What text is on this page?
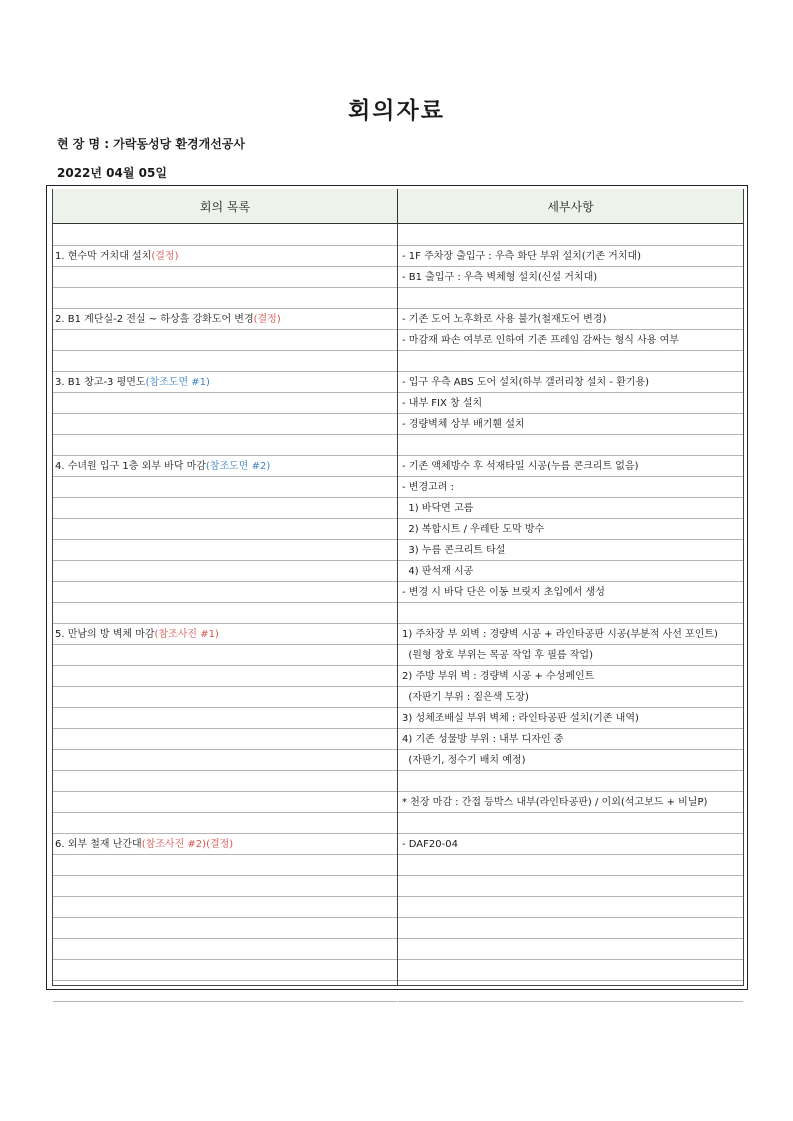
회의자료
현 장 명 : 가락동성당 환경개선공사
2022년 04월 05일
회의 목록	세부사항
1. 현수막 거치대 설치(결정)	- 1F 주차장 출입구 : 우측 화단 부위 설치(기존 거치대)
- B1 출입구 : 우측 벽체형 설치(신설 거치대)
2. B1 계단실-2 전실 ~ 하상흘 강화도어 변경(결정)	- 기존 도어 노후화로 사용 불가(철재도어 변경)
- 마감재 파손 여부로 인하여 기존 프레임 감싸는 형식 사용 여부
3. B1 창고-3 평면도(참조도면 #1)	- 입구 우측 ABS 도어 설치(하부 갤러리창 설치 - 환기용)
- 내부 FIX 창 설치
- 경량벽체 상부 배기휀 설치
4. 수녀원 입구 1층 외부 바닥 마감(참조도면 #2)	- 기존 액체방수 후 석재타일 시공(누름 콘크리트 없음)
- 변경고려 :
1) 바닥면 고름
2) 복합시트 / 우레탄 도막 방수
3) 누름 콘크리트 타설
4) 판석재 시공
- 변경 시 바닥 단은 이동 브릿지 초입에서 생성
5. 만남의 방 벽체 마감(참조사진 #1)	1) 주차장 부 외벽 : 경량벽 시공 + 라인타공판 시공(부분적 사선 포인트)
(원형 창호 부위는 목공 작업 후 필름 작업)
2) 주방 부위 벽 : 경량벽 시공 + 수성페인트
(자판기 부위 : 짙은색 도장)
3) 성체조배실 부위 벽체 : 라인타공판 설치(기존 내역)
4) 기존 성물방 부위 : 내부 디자인 중
(자판기, 정수기 배치 예정)
* 천장 마감 : 간접 등박스 내부(라인타공판) / 이외(석고보드 + 비닐P)
6. 외부 철재 난간대(참조사진 #2)(결정)	- DAF20-04
